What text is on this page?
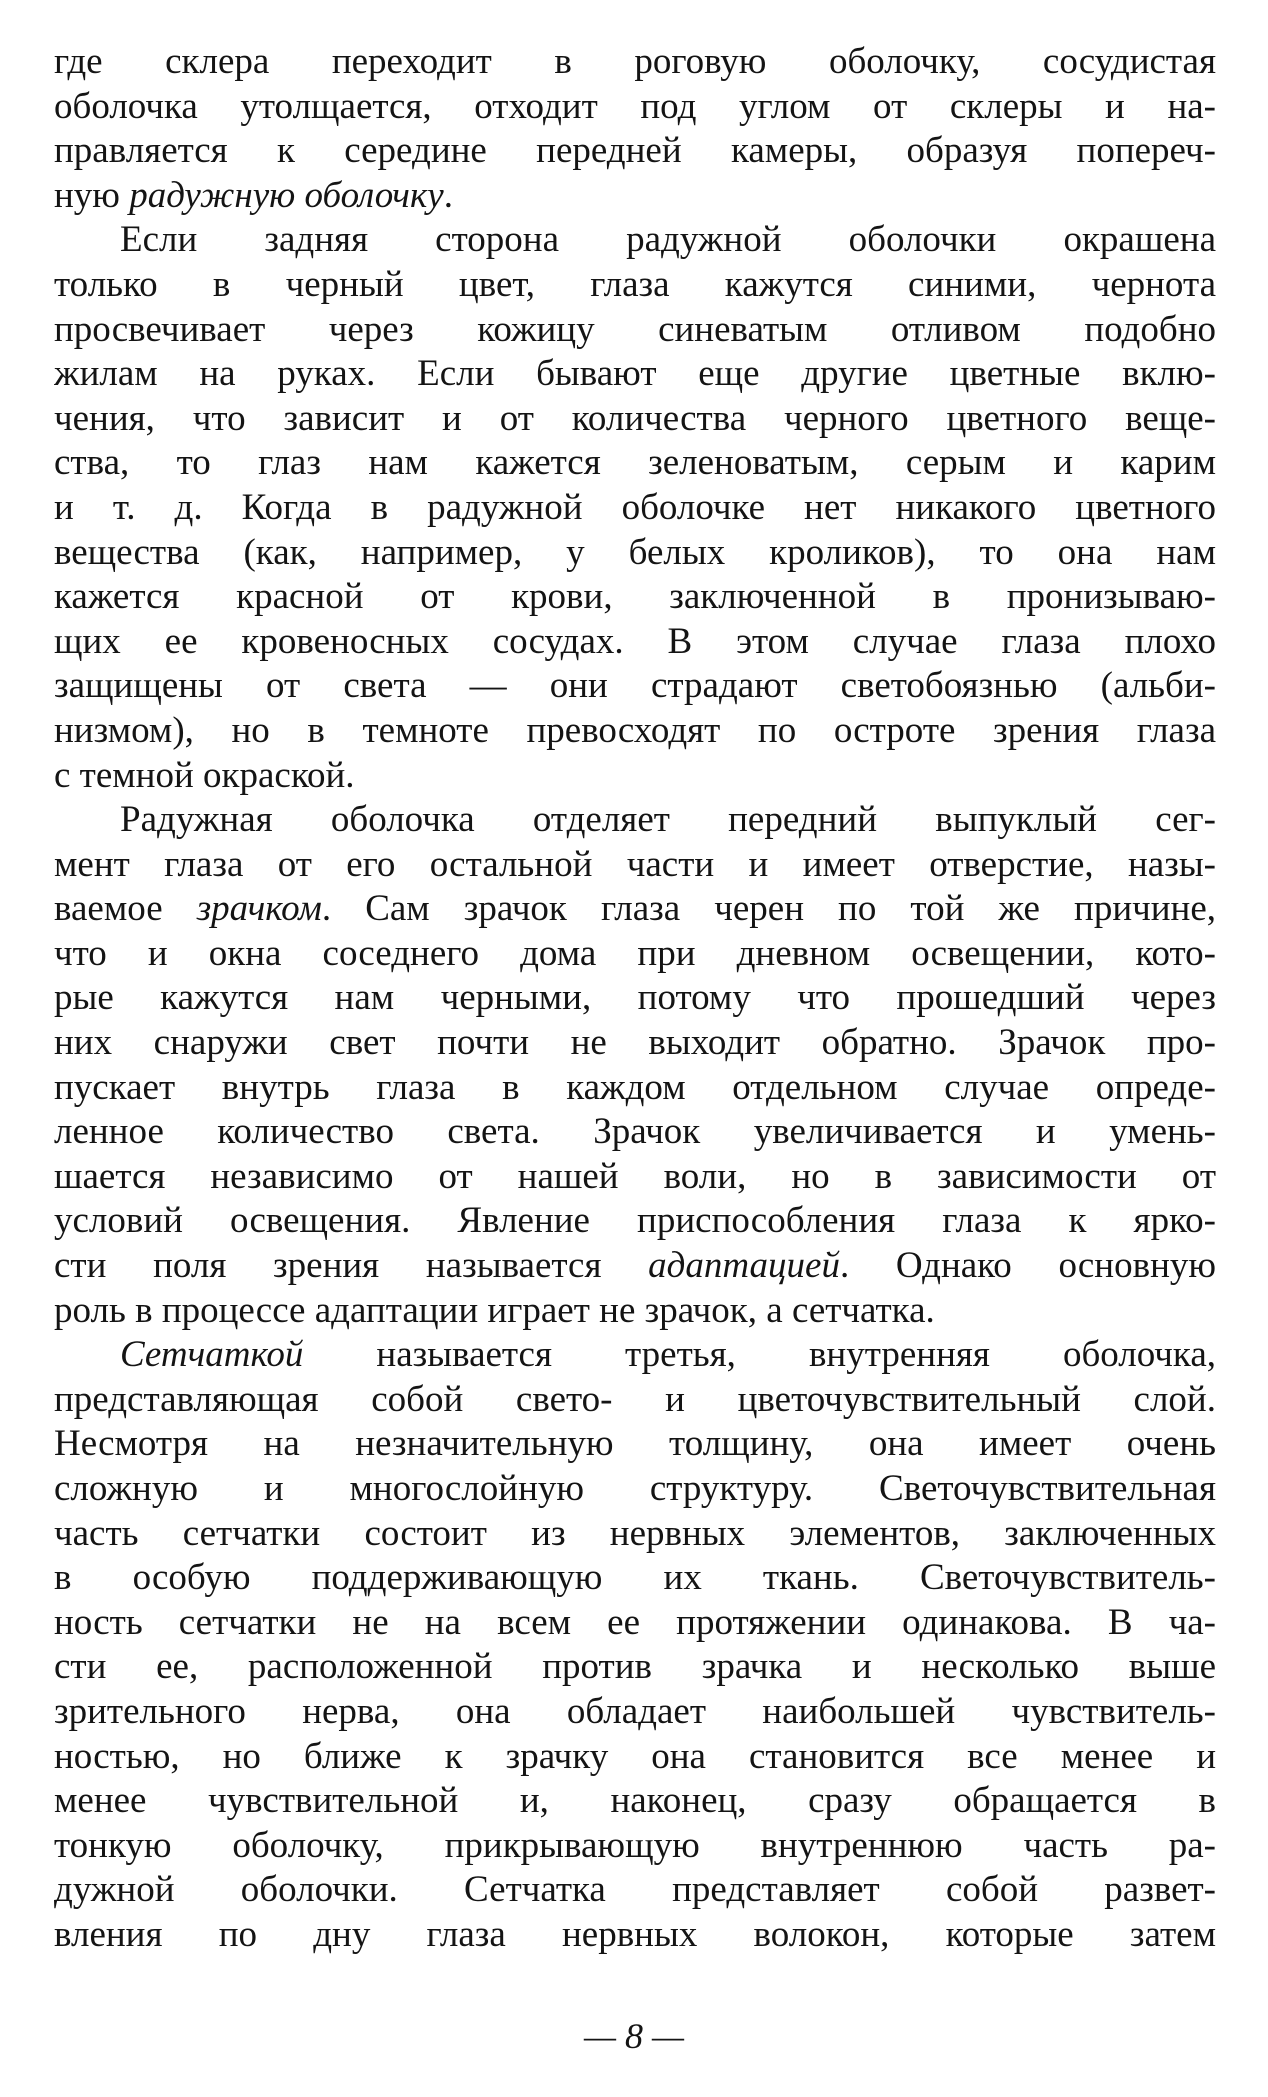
где склера переходит в роговую оболочку, сосудистая
оболочка утолщается, отходит под углом от склеры и на-
правляется к середине передней камеры, образуя попереч-
ную радужную оболочку.
Если задняя сторона радужной оболочки окрашена
только в черный цвет, глаза кажутся синими, чернота
просвечивает через кожицу синеватым отливом подобно
жилам на руках. Если бывают еще другие цветные вклю-
чения, что зависит и от количества черного цветного веще-
ства, то глаз нам кажется зеленоватым, серым и карим
и т. д. Когда в радужной оболочке нет никакого цветного
вещества (как, например, у белых кроликов), то она нам
кажется красной от крови, заключенной в пронизываю-
щих ее кровеносных сосудах. В этом случае глаза плохо
защищены от света — они страдают светобоязнью (альби-
низмом), но в темноте превосходят по остроте зрения глаза
с темной окраской.
Радужная оболочка отделяет передний выпуклый сег-
мент глаза от его остальной части и имеет отверстие, назы-
ваемое зрачком. Сам зрачок глаза черен по той же причине,
что и окна соседнего дома при дневном освещении, кото-
рые кажутся нам черными, потому что прошедший через
них снаружи свет почти не выходит обратно. Зрачок про-
пускает внутрь глаза в каждом отдельном случае опреде-
ленное количество света. Зрачок увеличивается и умень-
шается независимо от нашей воли, но в зависимости от
условий освещения. Явление приспособления глаза к ярко-
сти поля зрения называется адаптацией. Однако основную
роль в процессе адаптации играет не зрачок, а сетчатка.
Сетчаткой называется третья, внутренняя оболочка,
представляющая собой свето- и цветочувствительный слой.
Несмотря на незначительную толщину, она имеет очень
сложную и многослойную структуру. Светочувствительная
часть сетчатки состоит из нервных элементов, заключенных
в особую поддерживающую их ткань. Светочувствитель-
ность сетчатки не на всем ее протяжении одинакова. В ча-
сти ее, расположенной против зрачка и несколько выше
зрительного нерва, она обладает наибольшей чувствитель-
ностью, но ближе к зрачку она становится все менее и
менее чувствительной и, наконец, сразу обращается в
тонкую оболочку, прикрывающую внутреннюю часть ра-
дужной оболочки. Сетчатка представляет собой развет-
вления по дну глаза нервных волокон, которые затем
— 8 —
